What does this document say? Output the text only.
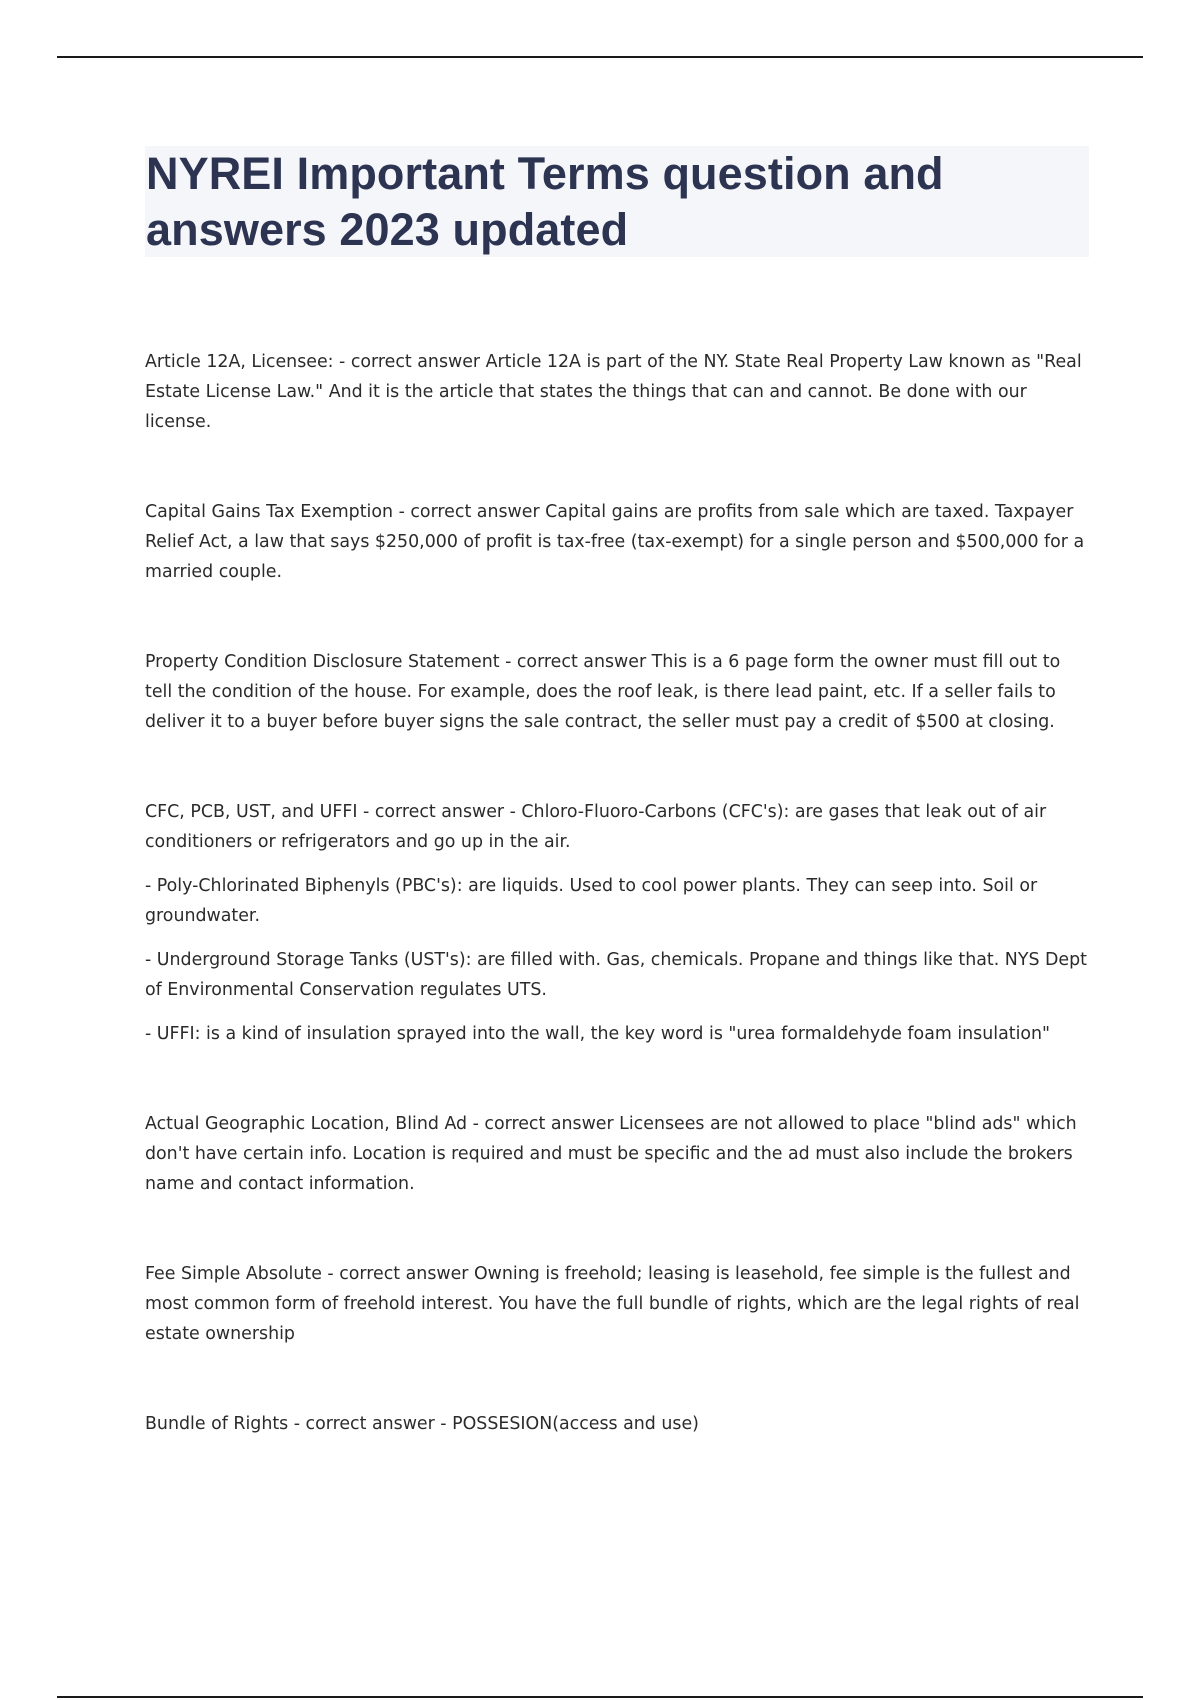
NYREI Important Terms question and answers 2023 updated

Article 12A, Licensee: - correct answer Article 12A is part of the NY. State Real Property Law known as "Real Estate License Law." And it is the article that states the things that can and cannot. Be done with our license.

Capital Gains Tax Exemption - correct answer Capital gains are profits from sale which are taxed. Taxpayer Relief Act, a law that says $250,000 of profit is tax-free (tax-exempt) for a single person and $500,000 for a married couple.

Property Condition Disclosure Statement - correct answer This is a 6 page form the owner must fill out to tell the condition of the house. For example, does the roof leak, is there lead paint, etc. If a seller fails to deliver it to a buyer before buyer signs the sale contract, the seller must pay a credit of $500 at closing.

CFC, PCB, UST, and UFFI - correct answer - Chloro-Fluoro-Carbons (CFC's): are gases that leak out of air conditioners or refrigerators and go up in the air.

- Poly-Chlorinated Biphenyls (PBC's): are liquids. Used to cool power plants. They can seep into. Soil or groundwater.

- Underground Storage Tanks (UST's): are filled with. Gas, chemicals. Propane and things like that. NYS Dept of Environmental Conservation regulates UTS.

- UFFI: is a kind of insulation sprayed into the wall, the key word is "urea formaldehyde foam insulation"

Actual Geographic Location, Blind Ad - correct answer Licensees are not allowed to place "blind ads" which don't have certain info. Location is required and must be specific and the ad must also include the brokers name and contact information.

Fee Simple Absolute - correct answer Owning is freehold; leasing is leasehold, fee simple is the fullest and most common form of freehold interest. You have the full bundle of rights, which are the legal rights of real estate ownership

Bundle of Rights - correct answer - POSSESION(access and use)
